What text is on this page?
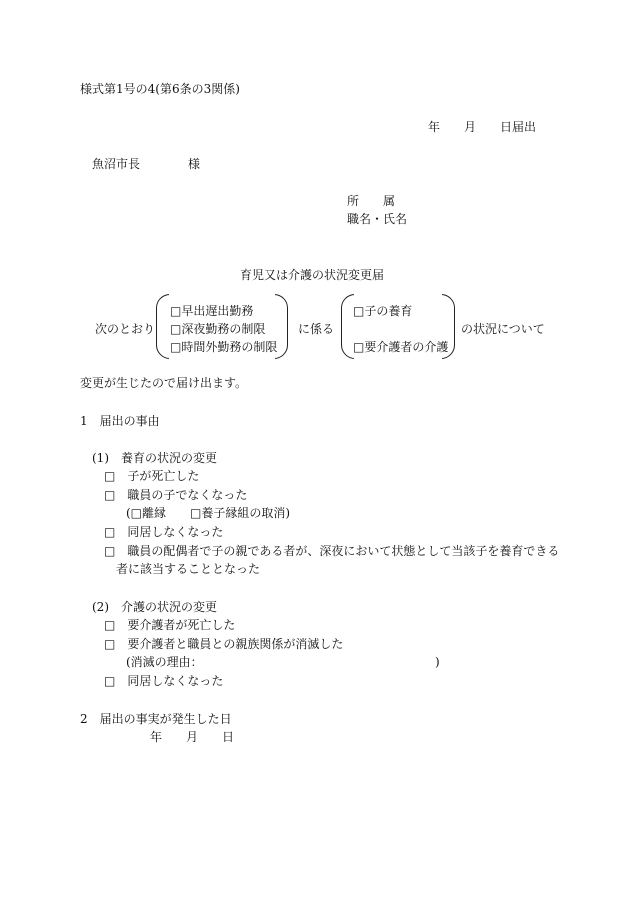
様式第1号の4(第6条の3関係)
年　　月　　日届出
魚沼市長　　　　様
所　　属
職名・氏名
育児又は介護の状況変更届
次のとおり
□早出遅出勤務
□深夜勤務の制限
□時間外勤務の制限
に係る
□子の養育
□要介護者の介護
の状況について
変更が生じたので届け出ます。
1　届出の事由
(1)　養育の状況の変更
□　子が死亡した
□　職員の子でなくなった
(□離縁　　□養子縁組の取消)
□　同居しなくなった
□　職員の配偶者で子の親である者が、深夜において状態として当該子を養育できる
者に該当することとなった
(2)　介護の状況の変更
□　要介護者が死亡した
□　要介護者と職員との親族関係が消滅した
(消滅の理由：	)
□　同居しなくなった
2　届出の事実が発生した日
年　　月　　日
